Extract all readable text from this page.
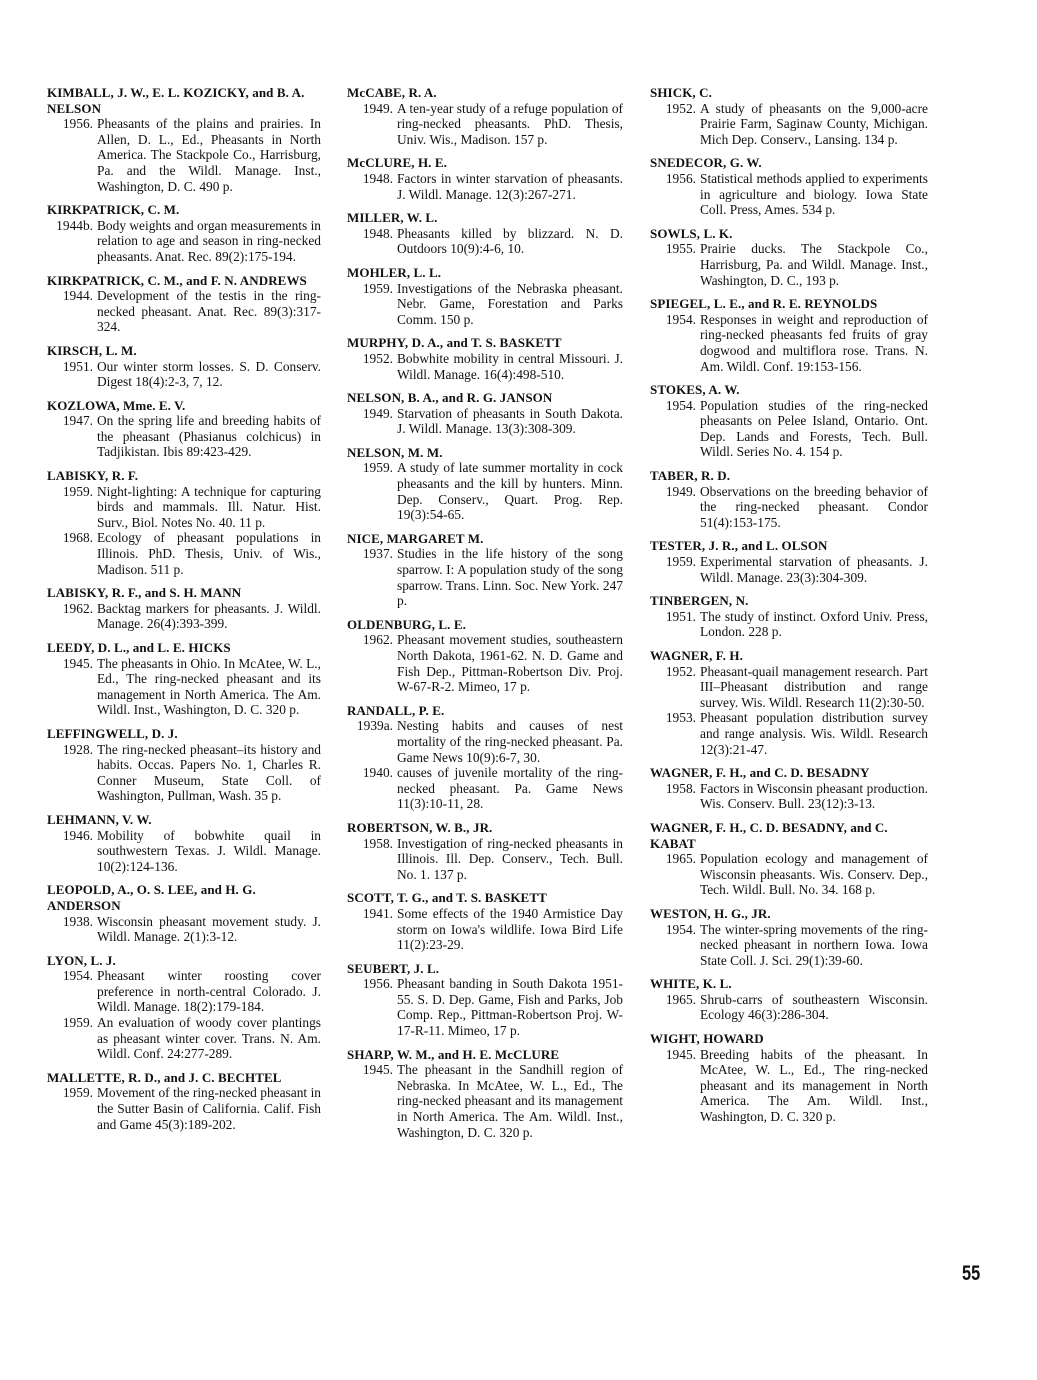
KIMBALL, J. W., E. L. KOZICKY, and B. A. NELSON
1956. Pheasants of the plains and prairies. In Allen, D. L., Ed., Pheasants in North America. The Stackpole Co., Harrisburg, Pa. and the Wildl. Manage. Inst., Washington, D. C. 490 p.
KIRKPATRICK, C. M.
1944b. Body weights and organ measurements in relation to age and season in ring-necked pheasants. Anat. Rec. 89(2):175-194.
KIRKPATRICK, C. M., and F. N. ANDREWS
1944. Development of the testis in the ring-necked pheasant. Anat. Rec. 89(3):317-324.
KIRSCH, L. M.
1951. Our winter storm losses. S. D. Conserv. Digest 18(4):2-3, 7, 12.
KOZLOWA, Mme. E. V.
1947. On the spring life and breeding habits of the pheasant (Phasianus colchicus) in Tadjikistan. Ibis 89:423-429.
LABISKY, R. F.
1959. Night-lighting: A technique for capturing birds and mammals. Ill. Natur. Hist. Surv., Biol. Notes No. 40. 11 p.
1968. Ecology of pheasant populations in Illinois. PhD. Thesis, Univ. of Wis., Madison. 511 p.
LABISKY, R. F., and S. H. MANN
1962. Backtag markers for pheasants. J. Wildl. Manage. 26(4):393-399.
LEEDY, D. L., and L. E. HICKS
1945. The pheasants in Ohio. In McAtee, W. L., Ed., The ring-necked pheasant and its management in North America. The Am. Wildl. Inst., Washington, D. C. 320 p.
LEFFINGWELL, D. J.
1928. The ring-necked pheasant–its history and habits. Occas. Papers No. 1, Charles R. Conner Museum, State Coll. of Washington, Pullman, Wash. 35 p.
LEHMANN, V. W.
1946. Mobility of bobwhite quail in southwestern Texas. J. Wildl. Manage. 10(2):124-136.
LEOPOLD, A., O. S. LEE, and H. G. ANDERSON
1938. Wisconsin pheasant movement study. J. Wildl. Manage. 2(1):3-12.
LYON, L. J.
1954. Pheasant winter roosting cover preference in north-central Colorado. J. Wildl. Manage. 18(2):179-184.
1959. An evaluation of woody cover plantings as pheasant winter cover. Trans. N. Am. Wildl. Conf. 24:277-289.
MALLETTE, R. D., and J. C. BECHTEL
1959. Movement of the ring-necked pheasant in the Sutter Basin of California. Calif. Fish and Game 45(3):189-202.
McCABE, R. A.
1949. A ten-year study of a refuge population of ring-necked pheasants. PhD. Thesis, Univ. Wis., Madison. 157 p.
McCLURE, H. E.
1948. Factors in winter starvation of pheasants. J. Wildl. Manage. 12(3):267-271.
MILLER, W. L.
1948. Pheasants killed by blizzard. N. D. Outdoors 10(9):4-6, 10.
MOHLER, L. L.
1959. Investigations of the Nebraska pheasant. Nebr. Game, Forestation and Parks Comm. 150 p.
MURPHY, D. A., and T. S. BASKETT
1952. Bobwhite mobility in central Missouri. J. Wildl. Manage. 16(4):498-510.
NELSON, B. A., and R. G. JANSON
1949. Starvation of pheasants in South Dakota. J. Wildl. Manage. 13(3):308-309.
NELSON, M. M.
1959. A study of late summer mortality in cock pheasants and the kill by hunters. Minn. Dep. Conserv., Quart. Prog. Rep. 19(3):54-65.
NICE, MARGARET M.
1937. Studies in the life history of the song sparrow. I: A population study of the song sparrow. Trans. Linn. Soc. New York. 247 p.
OLDENBURG, L. E.
1962. Pheasant movement studies, southeastern North Dakota, 1961-62. N. D. Game and Fish Dep., Pittman-Robertson Div. Proj. W-67-R-2. Mimeo, 17 p.
RANDALL, P. E.
1939a. Nesting habits and causes of nest mortality of the ring-necked pheasant. Pa. Game News 10(9):6-7, 30.
1940. causes of juvenile mortality of the ring-necked pheasant. Pa. Game News 11(3):10-11, 28.
ROBERTSON, W. B., JR.
1958. Investigation of ring-necked pheasants in Illinois. Ill. Dep. Conserv., Tech. Bull. No. 1. 137 p.
SCOTT, T. G., and T. S. BASKETT
1941. Some effects of the 1940 Armistice Day storm on Iowa's wildlife. Iowa Bird Life 11(2):23-29.
SEUBERT, J. L.
1956. Pheasant banding in South Dakota 1951-55. S. D. Dep. Game, Fish and Parks, Job Comp. Rep., Pittman-Robertson Proj. W-17-R-11. Mimeo, 17 p.
SHARP, W. M., and H. E. McCLURE
1945. The pheasant in the Sandhill region of Nebraska. In McAtee, W. L., Ed., The ring-necked pheasant and its management in North America. The Am. Wildl. Inst., Washington, D. C. 320 p.
SHICK, C.
1952. A study of pheasants on the 9,000-acre Prairie Farm, Saginaw County, Michigan. Mich Dep. Conserv., Lansing. 134 p.
SNEDECOR, G. W.
1956. Statistical methods applied to experiments in agriculture and biology. Iowa State Coll. Press, Ames. 534 p.
SOWLS, L. K.
1955. Prairie ducks. The Stackpole Co., Harrisburg, Pa. and Wildl. Manage. Inst., Washington, D. C., 193 p.
SPIEGEL, L. E., and R. E. REYNOLDS
1954. Responses in weight and reproduction of ring-necked pheasants fed fruits of gray dogwood and multiflora rose. Trans. N. Am. Wildl. Conf. 19:153-156.
STOKES, A. W.
1954. Population studies of the ring-necked pheasants on Pelee Island, Ontario. Ont. Dep. Lands and Forests, Tech. Bull. Wildl. Series No. 4. 154 p.
TABER, R. D.
1949. Observations on the breeding behavior of the ring-necked pheasant. Condor 51(4):153-175.
TESTER, J. R., and L. OLSON
1959. Experimental starvation of pheasants. J. Wildl. Manage. 23(3):304-309.
TINBERGEN, N.
1951. The study of instinct. Oxford Univ. Press, London. 228 p.
WAGNER, F. H.
1952. Pheasant-quail management research. Part III–Pheasant distribution and range survey. Wis. Wildl. Research 11(2):30-50.
1953. Pheasant population distribution survey and range analysis. Wis. Wildl. Research 12(3):21-47.
WAGNER, F. H., and C. D. BESADNY
1958. Factors in Wisconsin pheasant production. Wis. Conserv. Bull. 23(12):3-13.
WAGNER, F. H., C. D. BESADNY, and C. KABAT
1965. Population ecology and management of Wisconsin pheasants. Wis. Conserv. Dep., Tech. Wildl. Bull. No. 34. 168 p.
WESTON, H. G., JR.
1954. The winter-spring movements of the ring-necked pheasant in northern Iowa. Iowa State Coll. J. Sci. 29(1):39-60.
WHITE, K. L.
1965. Shrub-carrs of southeastern Wisconsin. Ecology 46(3):286-304.
WIGHT, HOWARD
1945. Breeding habits of the pheasant. In McAtee, W. L., Ed., The ring-necked pheasant and its management in North America. The Am. Wildl. Inst., Washington, D. C. 320 p.
55
